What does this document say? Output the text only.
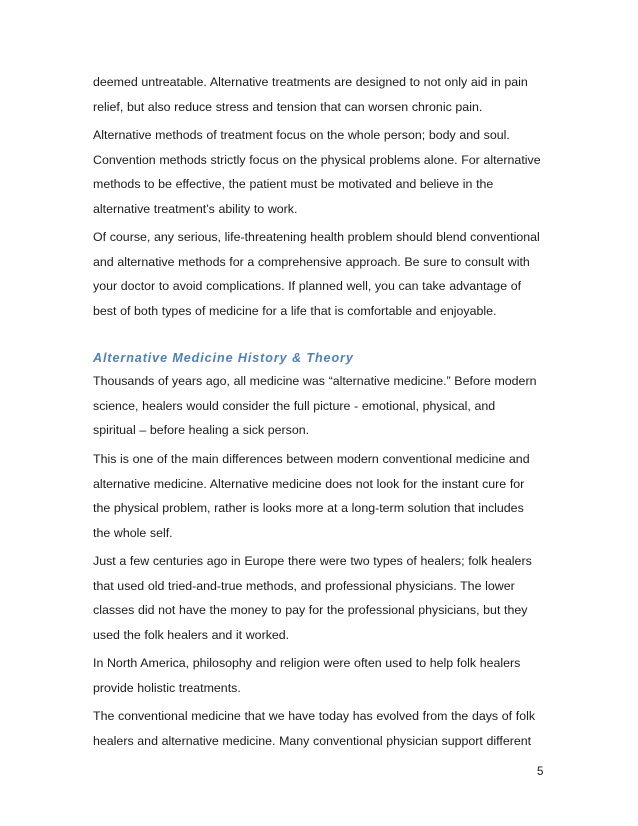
deemed untreatable. Alternative treatments are designed to not only aid in pain
relief, but also reduce stress and tension that can worsen chronic pain.

Alternative methods of treatment focus on the whole person; body and soul.
Convention methods strictly focus on the physical problems alone. For alternative
methods to be effective, the patient must be motivated and believe in the
alternative treatment’s ability to work.

Of course, any serious, life-threatening health problem should blend conventional
and alternative methods for a comprehensive approach. Be sure to consult with
your doctor to avoid complications. If planned well, you can take advantage of
best of both types of medicine for a life that is comfortable and enjoyable.

Alternative Medicine History & Theory

Thousands of years ago, all medicine was “alternative medicine.” Before modern
science, healers would consider the full picture - emotional, physical, and
spiritual – before healing a sick person.

This is one of the main differences between modern conventional medicine and
alternative medicine. Alternative medicine does not look for the instant cure for
the physical problem, rather is looks more at a long-term solution that includes
the whole self.

Just a few centuries ago in Europe there were two types of healers; folk healers
that used old tried-and-true methods, and professional physicians. The lower
classes did not have the money to pay for the professional physicians, but they
used the folk healers and it worked.

In North America, philosophy and religion were often used to help folk healers
provide holistic treatments.

The conventional medicine that we have today has evolved from the days of folk
healers and alternative medicine. Many conventional physician support different

5
